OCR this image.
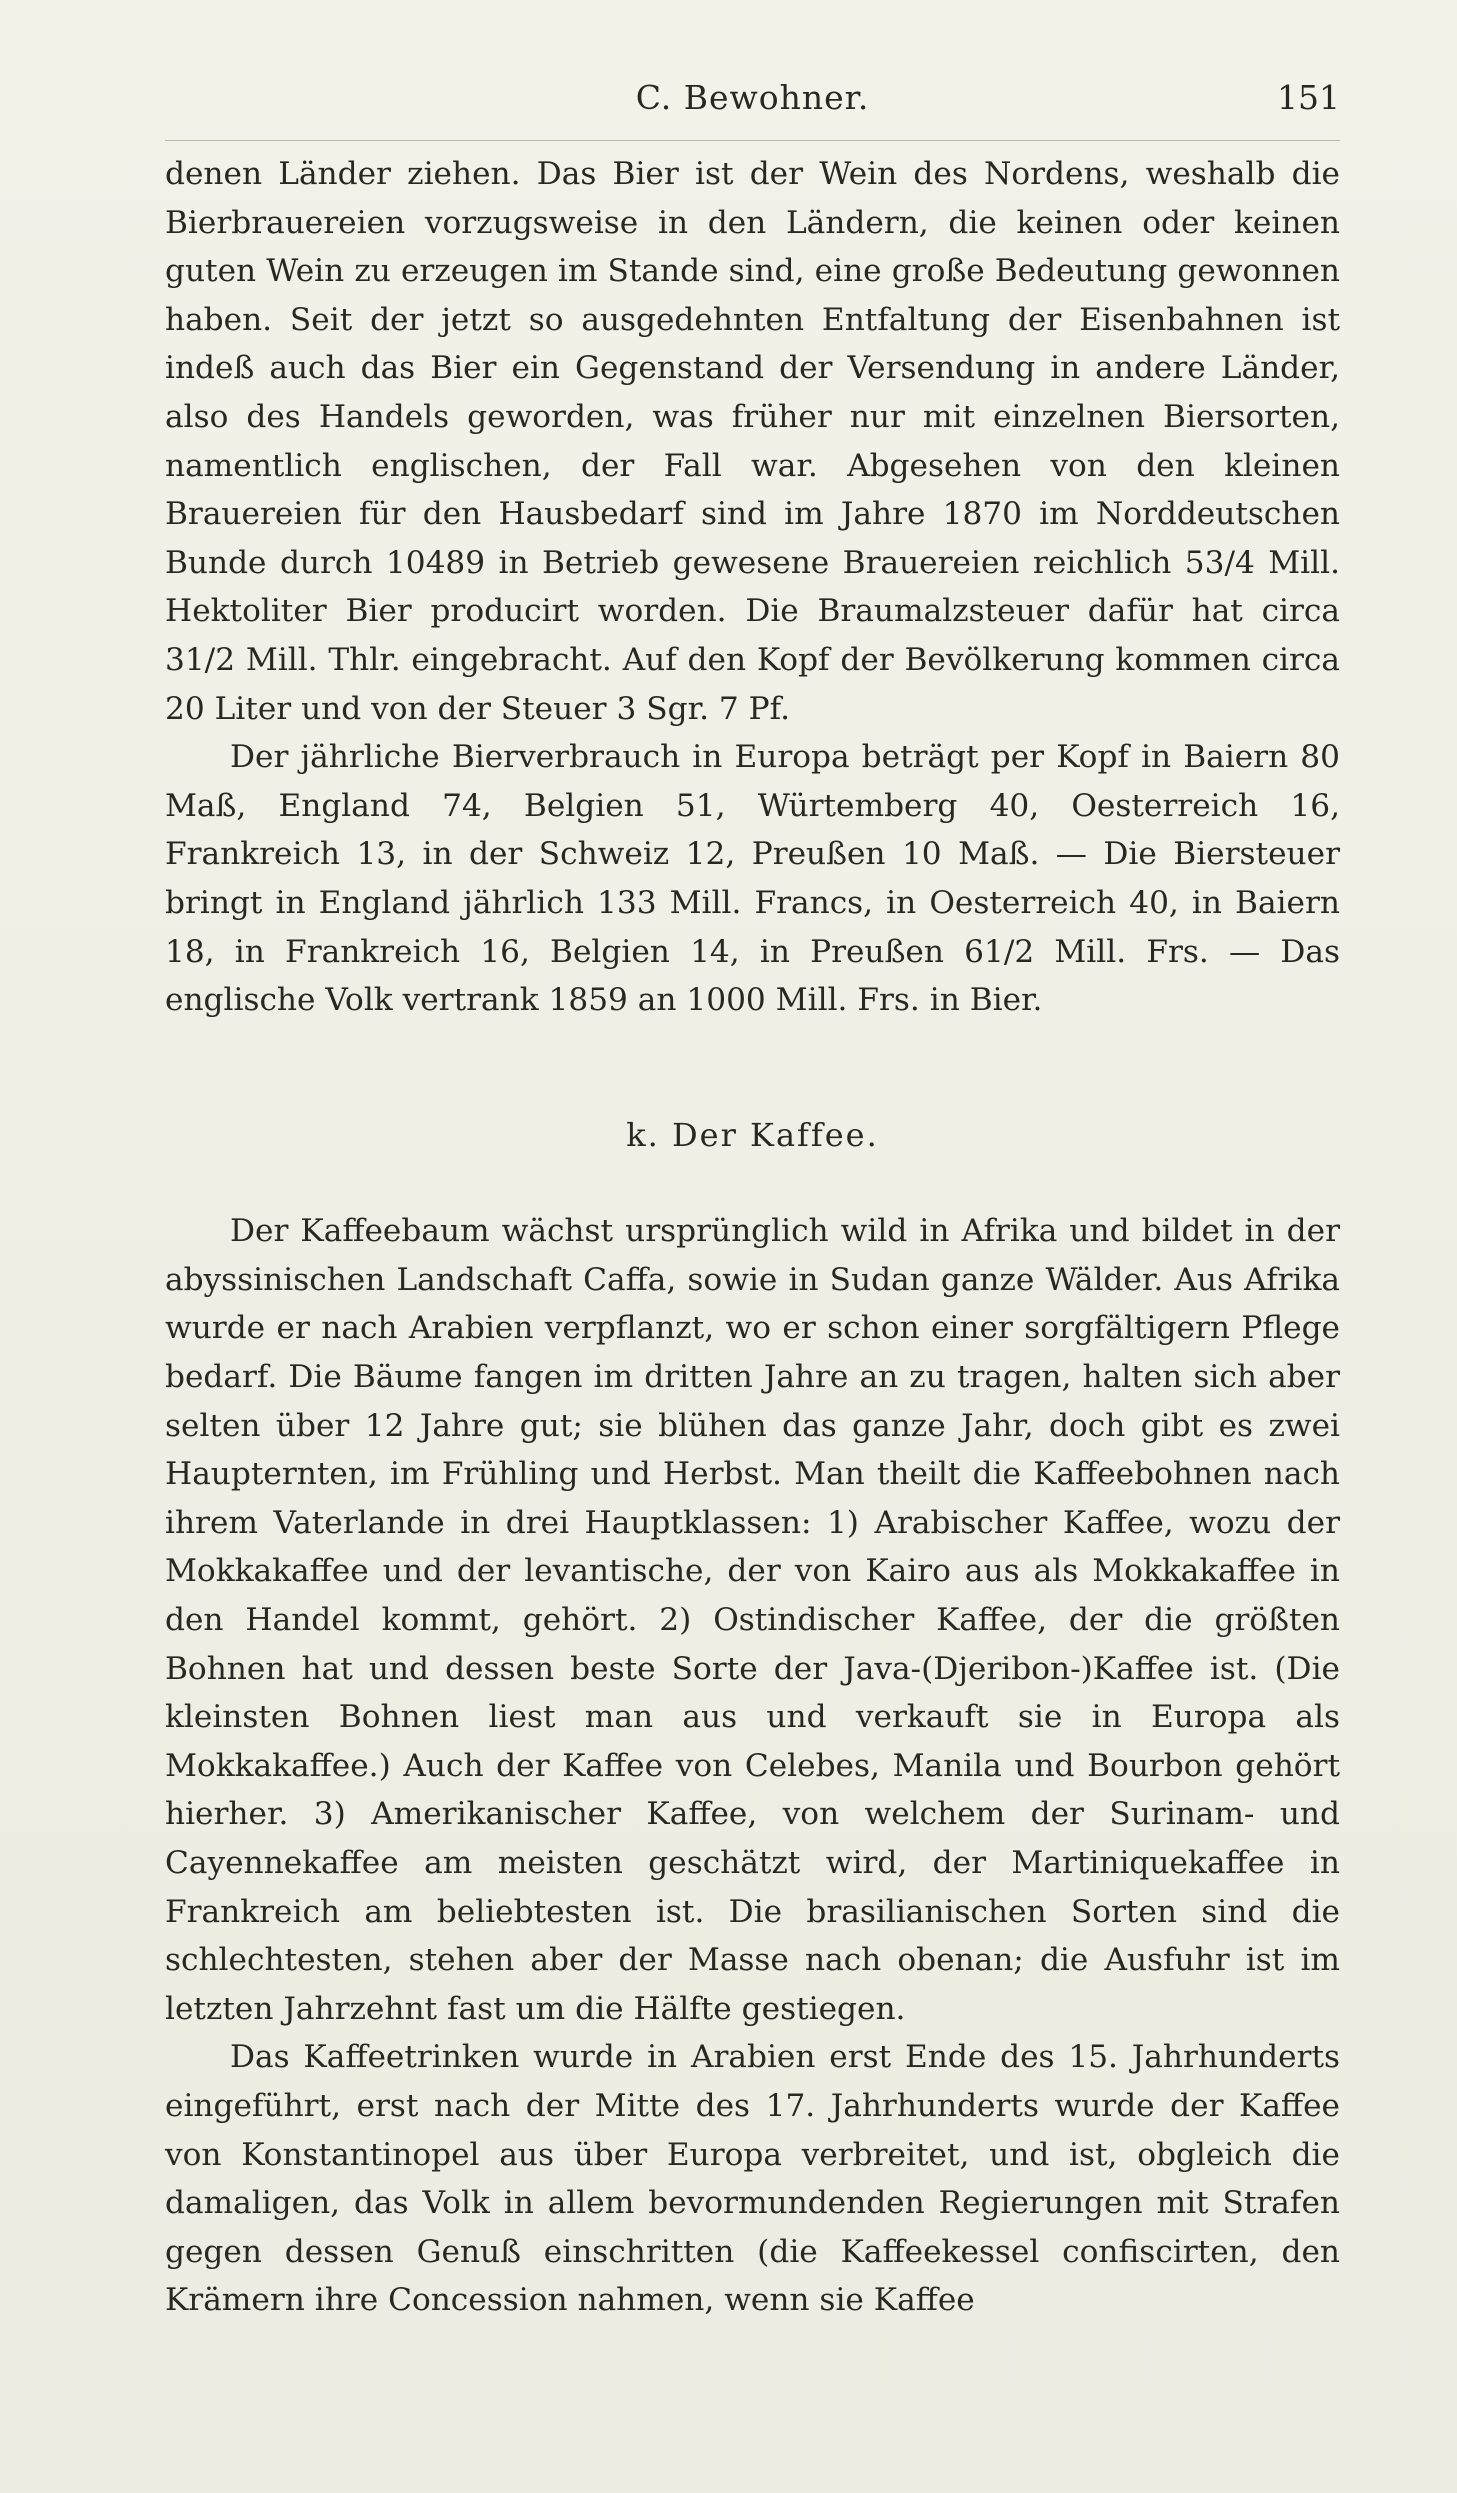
C. Bewohner.	151

denen Länder ziehen. Das Bier ist der Wein des Nordens, weshalb die Bierbrauereien vorzugsweise in den Ländern, die keinen oder keinen guten Wein zu erzeugen im Stande sind, eine große Bedeutung gewonnen haben. Seit der jetzt so ausgedehnten Entfaltung der Eisenbahnen ist indeß auch das Bier ein Gegenstand der Versendung in andere Länder, also des Handels geworden, was früher nur mit einzelnen Biersorten, namentlich englischen, der Fall war. Abgesehen von den kleinen Brauereien für den Hausbedarf sind im Jahre 1870 im Norddeutschen Bunde durch 10489 in Betrieb gewesene Brauereien reichlich 53/4 Mill. Hektoliter Bier producirt worden. Die Braumalzsteuer dafür hat circa 31/2 Mill. Thlr. eingebracht. Auf den Kopf der Bevölkerung kommen circa 20 Liter und von der Steuer 3 Sgr. 7 Pf.

Der jährliche Bierverbrauch in Europa beträgt per Kopf in Baiern 80 Maß, England 74, Belgien 51, Würtemberg 40, Oesterreich 16, Frankreich 13, in der Schweiz 12, Preußen 10 Maß. — Die Biersteuer bringt in England jährlich 133 Mill. Francs, in Oesterreich 40, in Baiern 18, in Frankreich 16, Belgien 14, in Preußen 61/2 Mill. Frs. — Das englische Volk vertrank 1859 an 1000 Mill. Frs. in Bier.

k. Der Kaffee.

Der Kaffeebaum wächst ursprünglich wild in Afrika und bildet in der abyssinischen Landschaft Caffa, sowie in Sudan ganze Wälder. Aus Afrika wurde er nach Arabien verpflanzt, wo er schon einer sorgfältigern Pflege bedarf. Die Bäume fangen im dritten Jahre an zu tragen, halten sich aber selten über 12 Jahre gut; sie blühen das ganze Jahr, doch gibt es zwei Haupternten, im Frühling und Herbst. Man theilt die Kaffeebohnen nach ihrem Vaterlande in drei Hauptklassen: 1) Arabischer Kaffee, wozu der Mokkakaffee und der levantische, der von Kairo aus als Mokkakaffee in den Handel kommt, gehört. 2) Ostindischer Kaffee, der die größten Bohnen hat und dessen beste Sorte der Java-(Djeribon-)Kaffee ist. (Die kleinsten Bohnen liest man aus und verkauft sie in Europa als Mokkakaffee.) Auch der Kaffee von Celebes, Manila und Bourbon gehört hierher. 3) Amerikanischer Kaffee, von welchem der Surinam- und Cayennekaffee am meisten geschätzt wird, der Martiniquekaffee in Frankreich am beliebtesten ist. Die brasilianischen Sorten sind die schlechtesten, stehen aber der Masse nach obenan; die Ausfuhr ist im letzten Jahrzehnt fast um die Hälfte gestiegen.

Das Kaffeetrinken wurde in Arabien erst Ende des 15. Jahrhunderts eingeführt, erst nach der Mitte des 17. Jahrhunderts wurde der Kaffee von Konstantinopel aus über Europa verbreitet, und ist, obgleich die damaligen, das Volk in allem bevormundenden Regierungen mit Strafen gegen dessen Genuß einschritten (die Kaffeekessel confiscirten, den Krämern ihre Concession nahmen, wenn sie Kaffee
